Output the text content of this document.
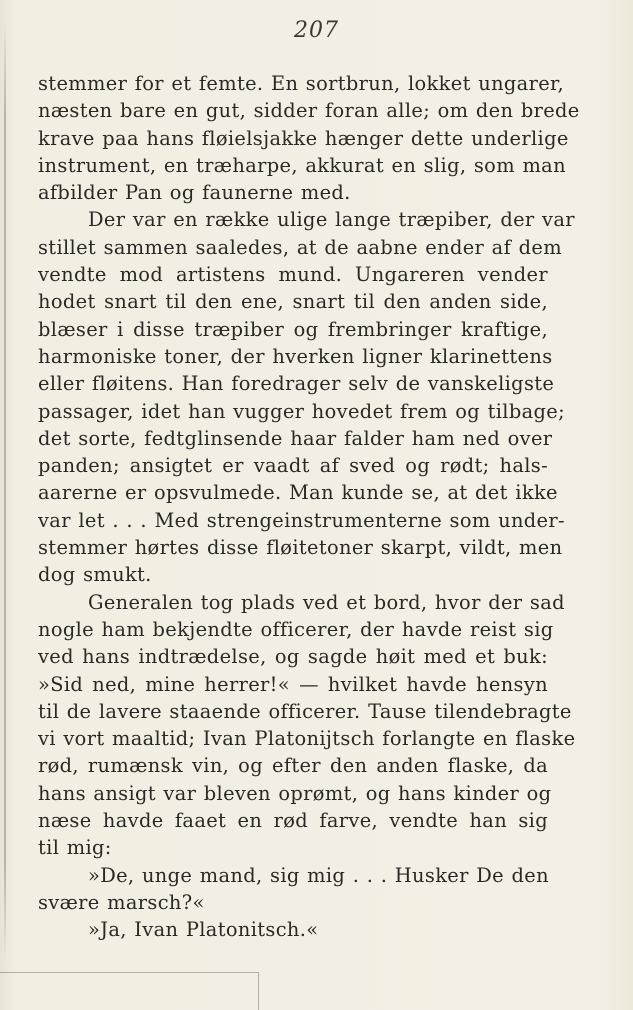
207
stemmer for et femte. En sortbrun, lokket ungarer,
næsten bare en gut, sidder foran alle; om den brede
krave paa hans fløielsjakke hænger dette underlige
instrument, en træharpe, akkurat en slig, som man
afbilder Pan og faunerne med.
Der var en række ulige lange træpiber, der var
stillet sammen saaledes, at de aabne ender af dem
vendte mod artistens mund. Ungareren vender
hodet snart til den ene, snart til den anden side,
blæser i disse træpiber og frembringer kraftige,
harmoniske toner, der hverken ligner klarinettens
eller fløitens. Han foredrager selv de vanskeligste
passager, idet han vugger hovedet frem og tilbage;
det sorte, fedtglinsende haar falder ham ned over
panden; ansigtet er vaadt af sved og rødt; hals-
aarerne er opsvulmede. Man kunde se, at det ikke
var let . . . Med strengeinstrumenterne som under-
stemmer hørtes disse fløitetoner skarpt, vildt, men
dog smukt.
Generalen tog plads ved et bord, hvor der sad
nogle ham bekjendte officerer, der havde reist sig
ved hans indtrædelse, og sagde høit med et buk:
»Sid ned, mine herrer!« — hvilket havde hensyn
til de lavere staaende officerer. Tause tilendebragte
vi vort maaltid; Ivan Platonijtsch forlangte en flaske
rød, rumænsk vin, og efter den anden flaske, da
hans ansigt var bleven oprømt, og hans kinder og
næse havde faaet en rød farve, vendte han sig
til mig:
»De, unge mand, sig mig . . . Husker De den
svære marsch?«
»Ja, Ivan Platonitsch.«
